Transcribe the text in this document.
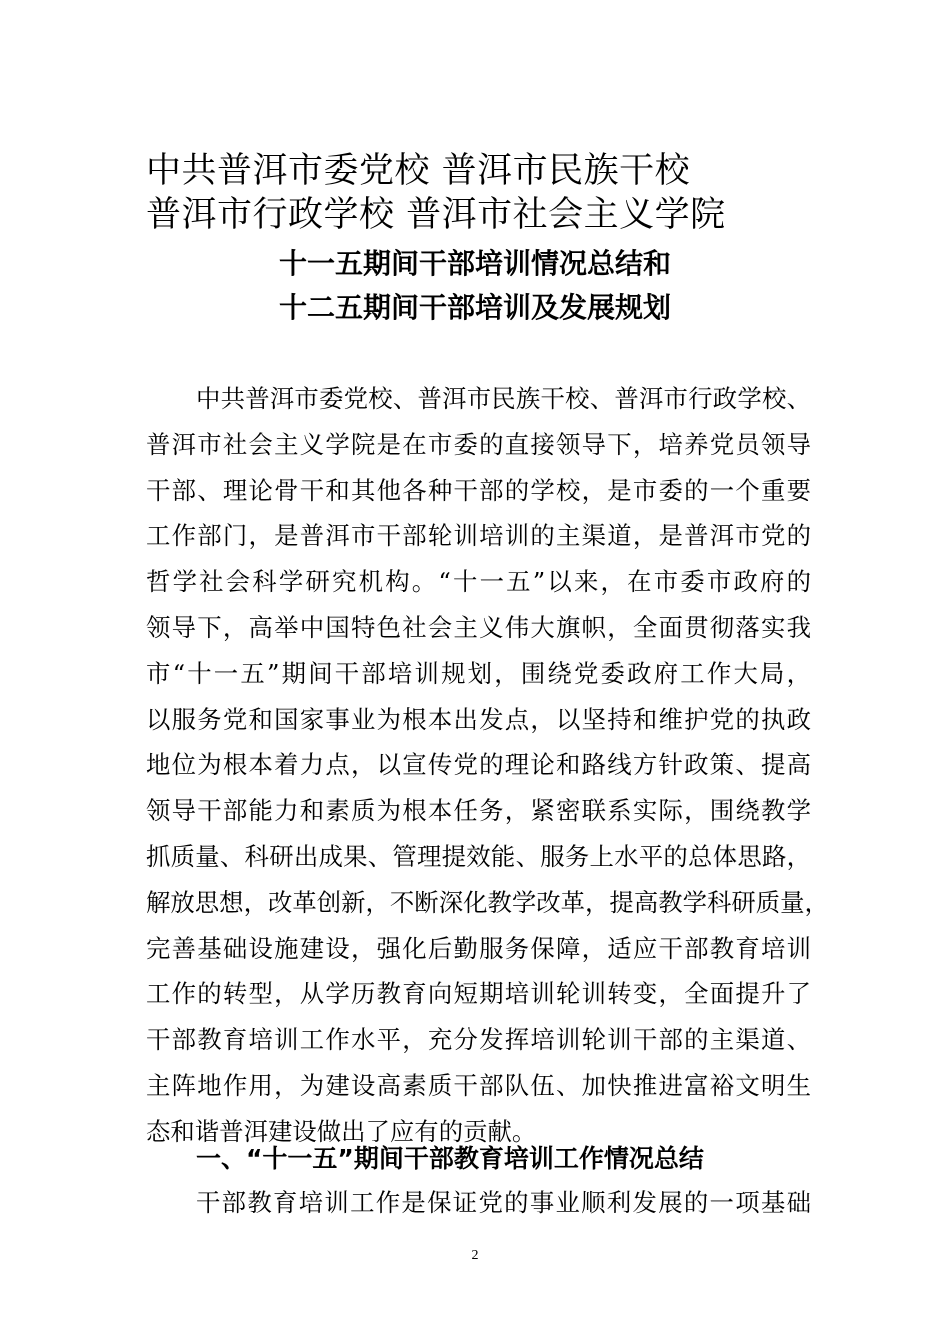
中共普洱市委党校 普洱市民族干校
普洱市行政学校 普洱市社会主义学院
十一五期间干部培训情况总结和
十二五期间干部培训及发展规划
中共普洱市委党校、普洱市民族干校、普洱市行政学校、
普洱市社会主义学院是在市委的直接领导下，培养党员领导
干部、理论骨干和其他各种干部的学校，是市委的一个重要
工作部门，是普洱市干部轮训培训的主渠道，是普洱市党的
哲学社会科学研究机构。“十一五”以来，在市委市政府的
领导下，高举中国特色社会主义伟大旗帜，全面贯彻落实我
市“十一五”期间干部培训规划，围绕党委政府工作大局，
以服务党和国家事业为根本出发点，以坚持和维护党的执政
地位为根本着力点，以宣传党的理论和路线方针政策、提高
领导干部能力和素质为根本任务，紧密联系实际，围绕教学
抓质量、科研出成果、管理提效能、服务上水平的总体思路，
解放思想，改革创新，不断深化教学改革，提高教学科研质量，
完善基础设施建设，强化后勤服务保障，适应干部教育培训
工作的转型，从学历教育向短期培训轮训转变，全面提升了
干部教育培训工作水平，充分发挥培训轮训干部的主渠道、
主阵地作用，为建设高素质干部队伍、加快推进富裕文明生
态和谐普洱建设做出了应有的贡献。
一、“十一五”期间干部教育培训工作情况总结
干部教育培训工作是保证党的事业顺利发展的一项基础
2
